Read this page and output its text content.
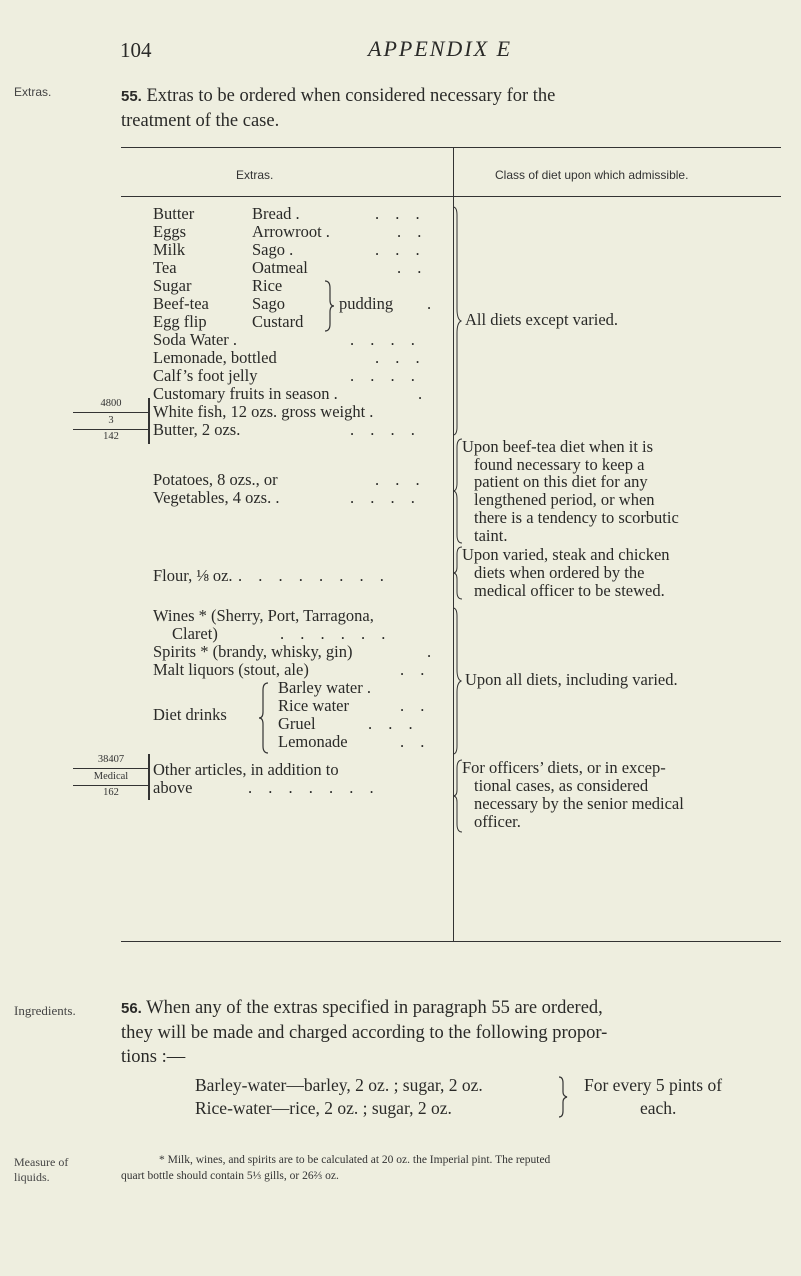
104	APPENDIX E
Extras.
Ingredients.
Measure of
liquids.
55. Extras to be ordered when considered necessary for the
treatment of the case.
Extras.	Class of diet upon which admissible.
Butter
Eggs
Milk
Tea
Sugar
Beef-tea
Egg flip
Bread .
Arrowroot .
Sago .
Oatmeal
Rice
Sago
Custard
pudding
Soda Water .
Lemonade, bottled
Calf’s foot jelly
Customary fruits in season .
White fish, 12 ozs. gross weight .
Butter, 2 ozs.
Potatoes, 8 ozs., or
Vegetables, 4 ozs. .
Flour, ⅛ oz.
Wines * (Sherry, Port, Tarragona,
Claret)
Spirits * (brandy, whisky, gin)
Malt liquors (stout, ale)
Diet drinks
Barley water .
Rice water
Gruel
Lemonade
Other articles, in addition to
above
. . .
. .
. . .
. .
.
. . . .
. . .
. . . .
.
. . . .
. . .
. . . .
. . . . . . . .
. . . . . .
.
. .
. .
. . .
. .
. . . . . . .
4800
3
142
38407
Medical
162
All diets except varied.
Upon beef-tea diet when it is
found necessary to keep a
patient on this diet for any
lengthened period, or when
there is a tendency to scorbutic
taint.
Upon varied, steak and chicken
diets when ordered by the
medical officer to be stewed.
Upon all diets, including varied.
For officers’ diets, or in excep-
tional cases, as considered
necessary by the senior medical
officer.
56. When any of the extras specified in paragraph 55 are ordered,
they will be made and charged according to the following propor-
tions :—
Barley-water—barley, 2 oz. ; sugar, 2 oz.
Rice-water—rice, 2 oz. ; sugar, 2 oz.
For every 5 pints of
each.
* Milk, wines, and spirits are to be calculated at 20 oz. the Imperial pint. The reputed
quart bottle should contain 5⅓ gills, or 26⅔ oz.
